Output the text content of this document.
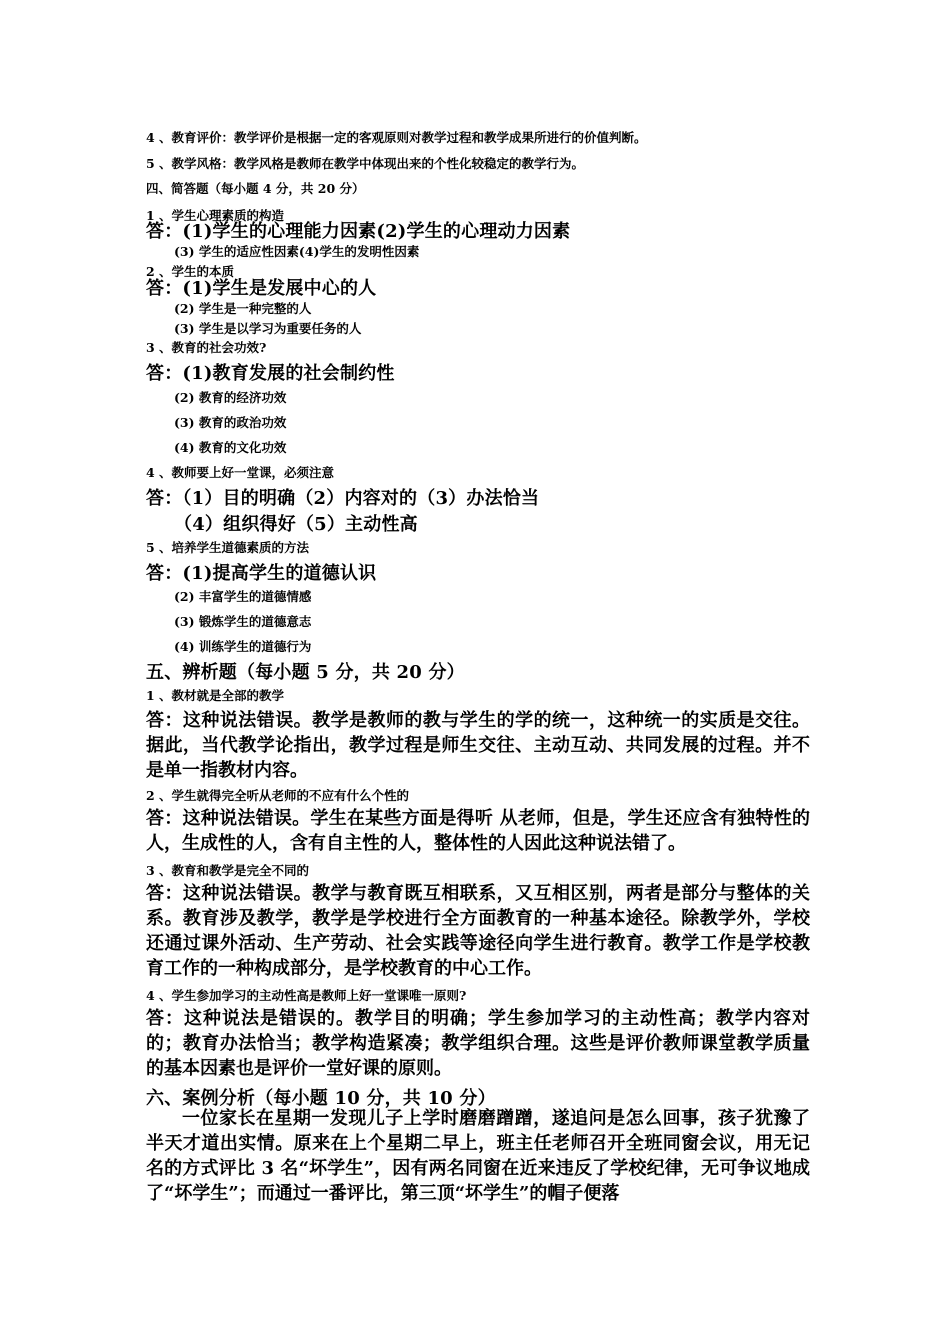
4 、教育评价：教学评价是根据一定的客观原则对教学过程和教学成果所进行的价值判断。
5 、教学风格：教学风格是教师在教学中体现出来的个性化较稳定的教学行为。
四、简答题（每小题 4 分，共 20 分）
1 、学生心理素质的构造
答：(1)学生的心理能力因素(2)学生的心理动力因素
(3) 学生的适应性因素(4)学生的发明性因素
2 、学生的本质
答：(1)学生是发展中心的人
(2) 学生是一种完整的人
(3) 学生是以学习为重要任务的人
3 、教育的社会功效?
答：(1)教育发展的社会制约性
(2) 教育的经济功效
(3) 教育的政治功效
(4) 教育的文化功效
4 、教师要上好一堂课，必须注意
答：（1）目的明确（2）内容对的（3）办法恰当
（4）组织得好（5）主动性高
5 、培养学生道德素质的方法
答：(1)提高学生的道德认识
(2) 丰富学生的道德情感
(3) 锻炼学生的道德意志
(4) 训练学生的道德行为
五、辨析题（每小题 5 分，共 20 分）
1 、教材就是全部的教学
答：这种说法错误。教学是教师的教与学生的学的统一，这种统一的实质是交往。据此，当代教学论指出，教学过程是师生交往、主动互动、共同发展的过程。并不是单一指教材内容。
2 、学生就得完全听从老师的不应有什么个性的
答：这种说法错误。学生在某些方面是得听 从老师，但是，学生还应含有独特性的人，生成性的人，含有自主性的人，整体性的人因此这种说法错了。
3 、教育和教学是完全不同的
答：这种说法错误。教学与教育既互相联系，又互相区别，两者是部分与整体的关系。教育涉及教学，教学是学校进行全方面教育的一种基本途径。除教学外，学校还通过课外活动、生产劳动、社会实践等途径向学生进行教育。教学工作是学校教育工作的一种构成部分，是学校教育的中心工作。
4 、学生参加学习的主动性高是教师上好一堂课唯一原则?
答：这种说法是错误的。教学目的明确；学生参加学习的主动性高；教学内容对的；教育办法恰当；教学构造紧凑；教学组织合理。这些是评价教师课堂教学质量的基本因素也是评价一堂好课的原则。
六、案例分析（每小题 10 分，共 10 分）
一位家长在星期一发现儿子上学时磨磨蹭蹭，遂追问是怎么回事，孩子犹豫了半天才道出实情。原来在上个星期二早上，班主任老师召开全班同窗会议，用无记名的方式评比 3 名“坏学生”，因有两名同窗在近来违反了学校纪律，无可争议地成了“坏学生”；而通过一番评比，第三顶“坏学生”的帽子便落
